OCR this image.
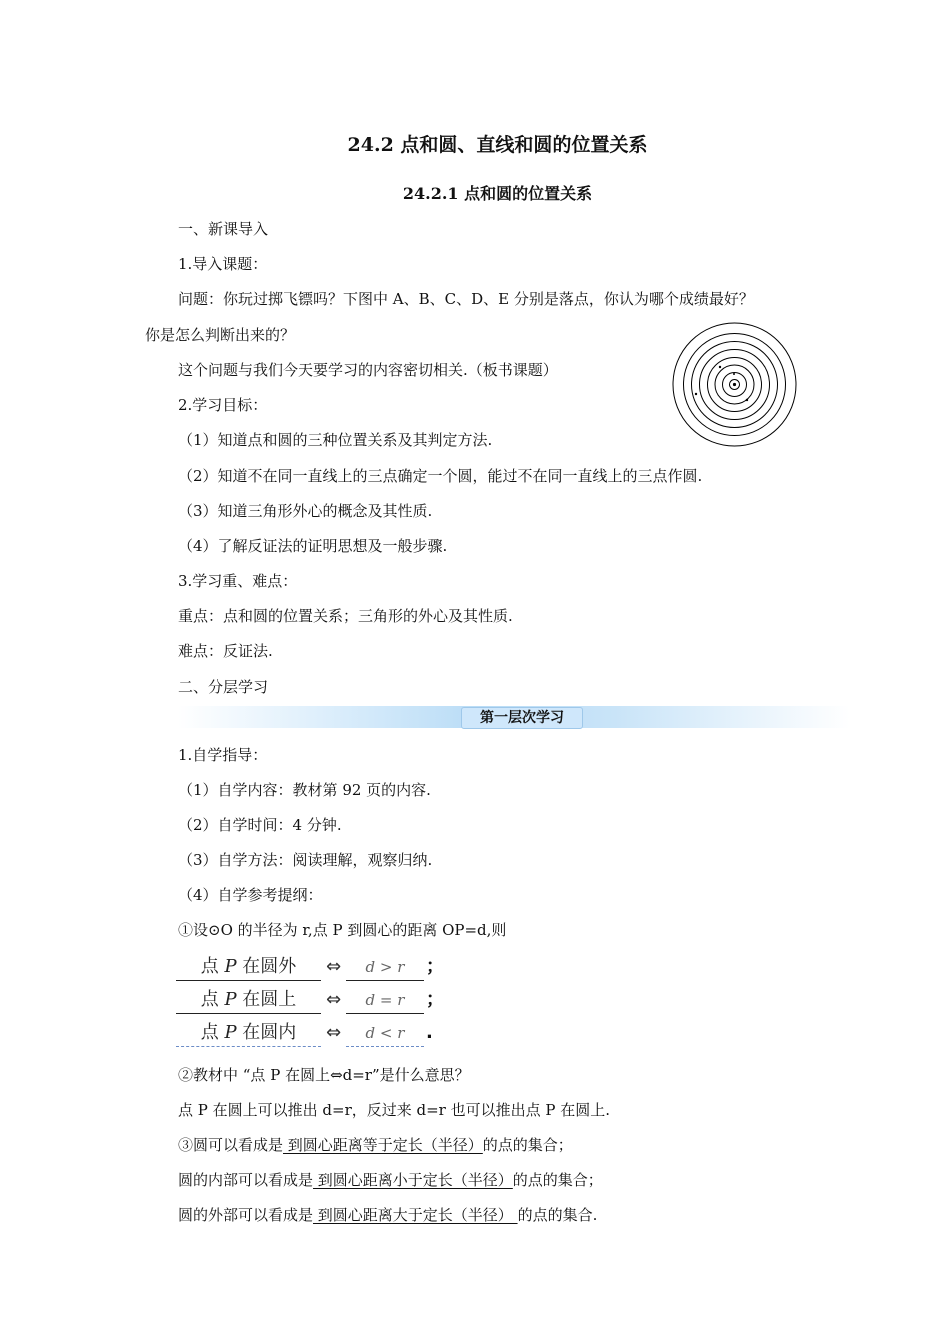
24.2 点和圆、直线和圆的位置关系
24.2.1 点和圆的位置关系
一、新课导入
1.导入课题：
问题：你玩过掷飞镖吗？下图中 A、B、C、D、E 分别是落点，你认为哪个成绩最好？
你是怎么判断出来的？
这个问题与我们今天要学习的内容密切相关.（板书课题）
2.学习目标：
（1）知道点和圆的三种位置关系及其判定方法.
（2）知道不在同一直线上的三点确定一个圆，能过不在同一直线上的三点作圆.
（3）知道三角形外心的概念及其性质.
（4）了解反证法的证明思想及一般步骤.
3.学习重、难点：
重点：点和圆的位置关系；三角形的外心及其性质.
难点：反证法.
二、分层学习
第一层次学习
1.自学指导：
（1）自学内容：教材第 92 页的内容.
（2）自学时间：4 分钟.
（3）自学方法：阅读理解，观察归纳.
（4）自学参考提纲：
①设⊙O 的半径为 r,点 P 到圆心的距离 OP=d,则
点 P 在圆外	⇔	d > r	；
点 P 在圆上	⇔	d = r	；
点 P 在圆内	⇔	d < r	.
②教材中 “点 P 在圆上⇔d=r”是什么意思？
点 P 在圆上可以推出 d=r，反过来 d=r 也可以推出点 P 在圆上.
③圆可以看成是 到圆心距离等于定长（半径）的点的集合；
圆的内部可以看成是 到圆心距离小于定长（半径）的点的集合；
圆的外部可以看成是 到圆心距离大于定长（半径） 的点的集合.
